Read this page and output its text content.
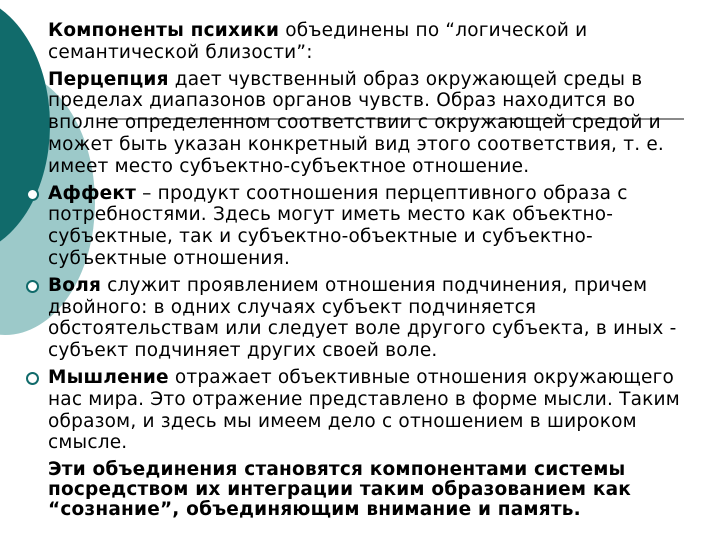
Компоненты психики объединены по “логической и семантической близости”:

Перцепция дает чувственный образ окружающей среды в пределах диапазонов органов чувств. Образ находится во вполне определенном соответствии с окружающей средой и может быть указан конкретный вид этого соответствия, т. е. имеет место субъектно-субъектное отношение.

Аффект – продукт соотношения перцептивного образа с потребностями. Здесь могут иметь место как объектно-субъектные, так и субъектно-объектные и субъектно-субъектные отношения.

Воля служит проявлением отношения подчинения, причем двойного: в одних случаях субъект подчиняется обстоятельствам или следует воле другого субъекта, в иных - субъект подчиняет других своей воле.

Мышление отражает объективные отношения окружающего нас мира. Это отражение представлено в форме мысли. Таким образом, и здесь мы имеем дело с отношением в широком смысле.

Эти объединения становятся компонентами системы посредством их интеграции таким образованием как “сознание”, объединяющим внимание и память.
